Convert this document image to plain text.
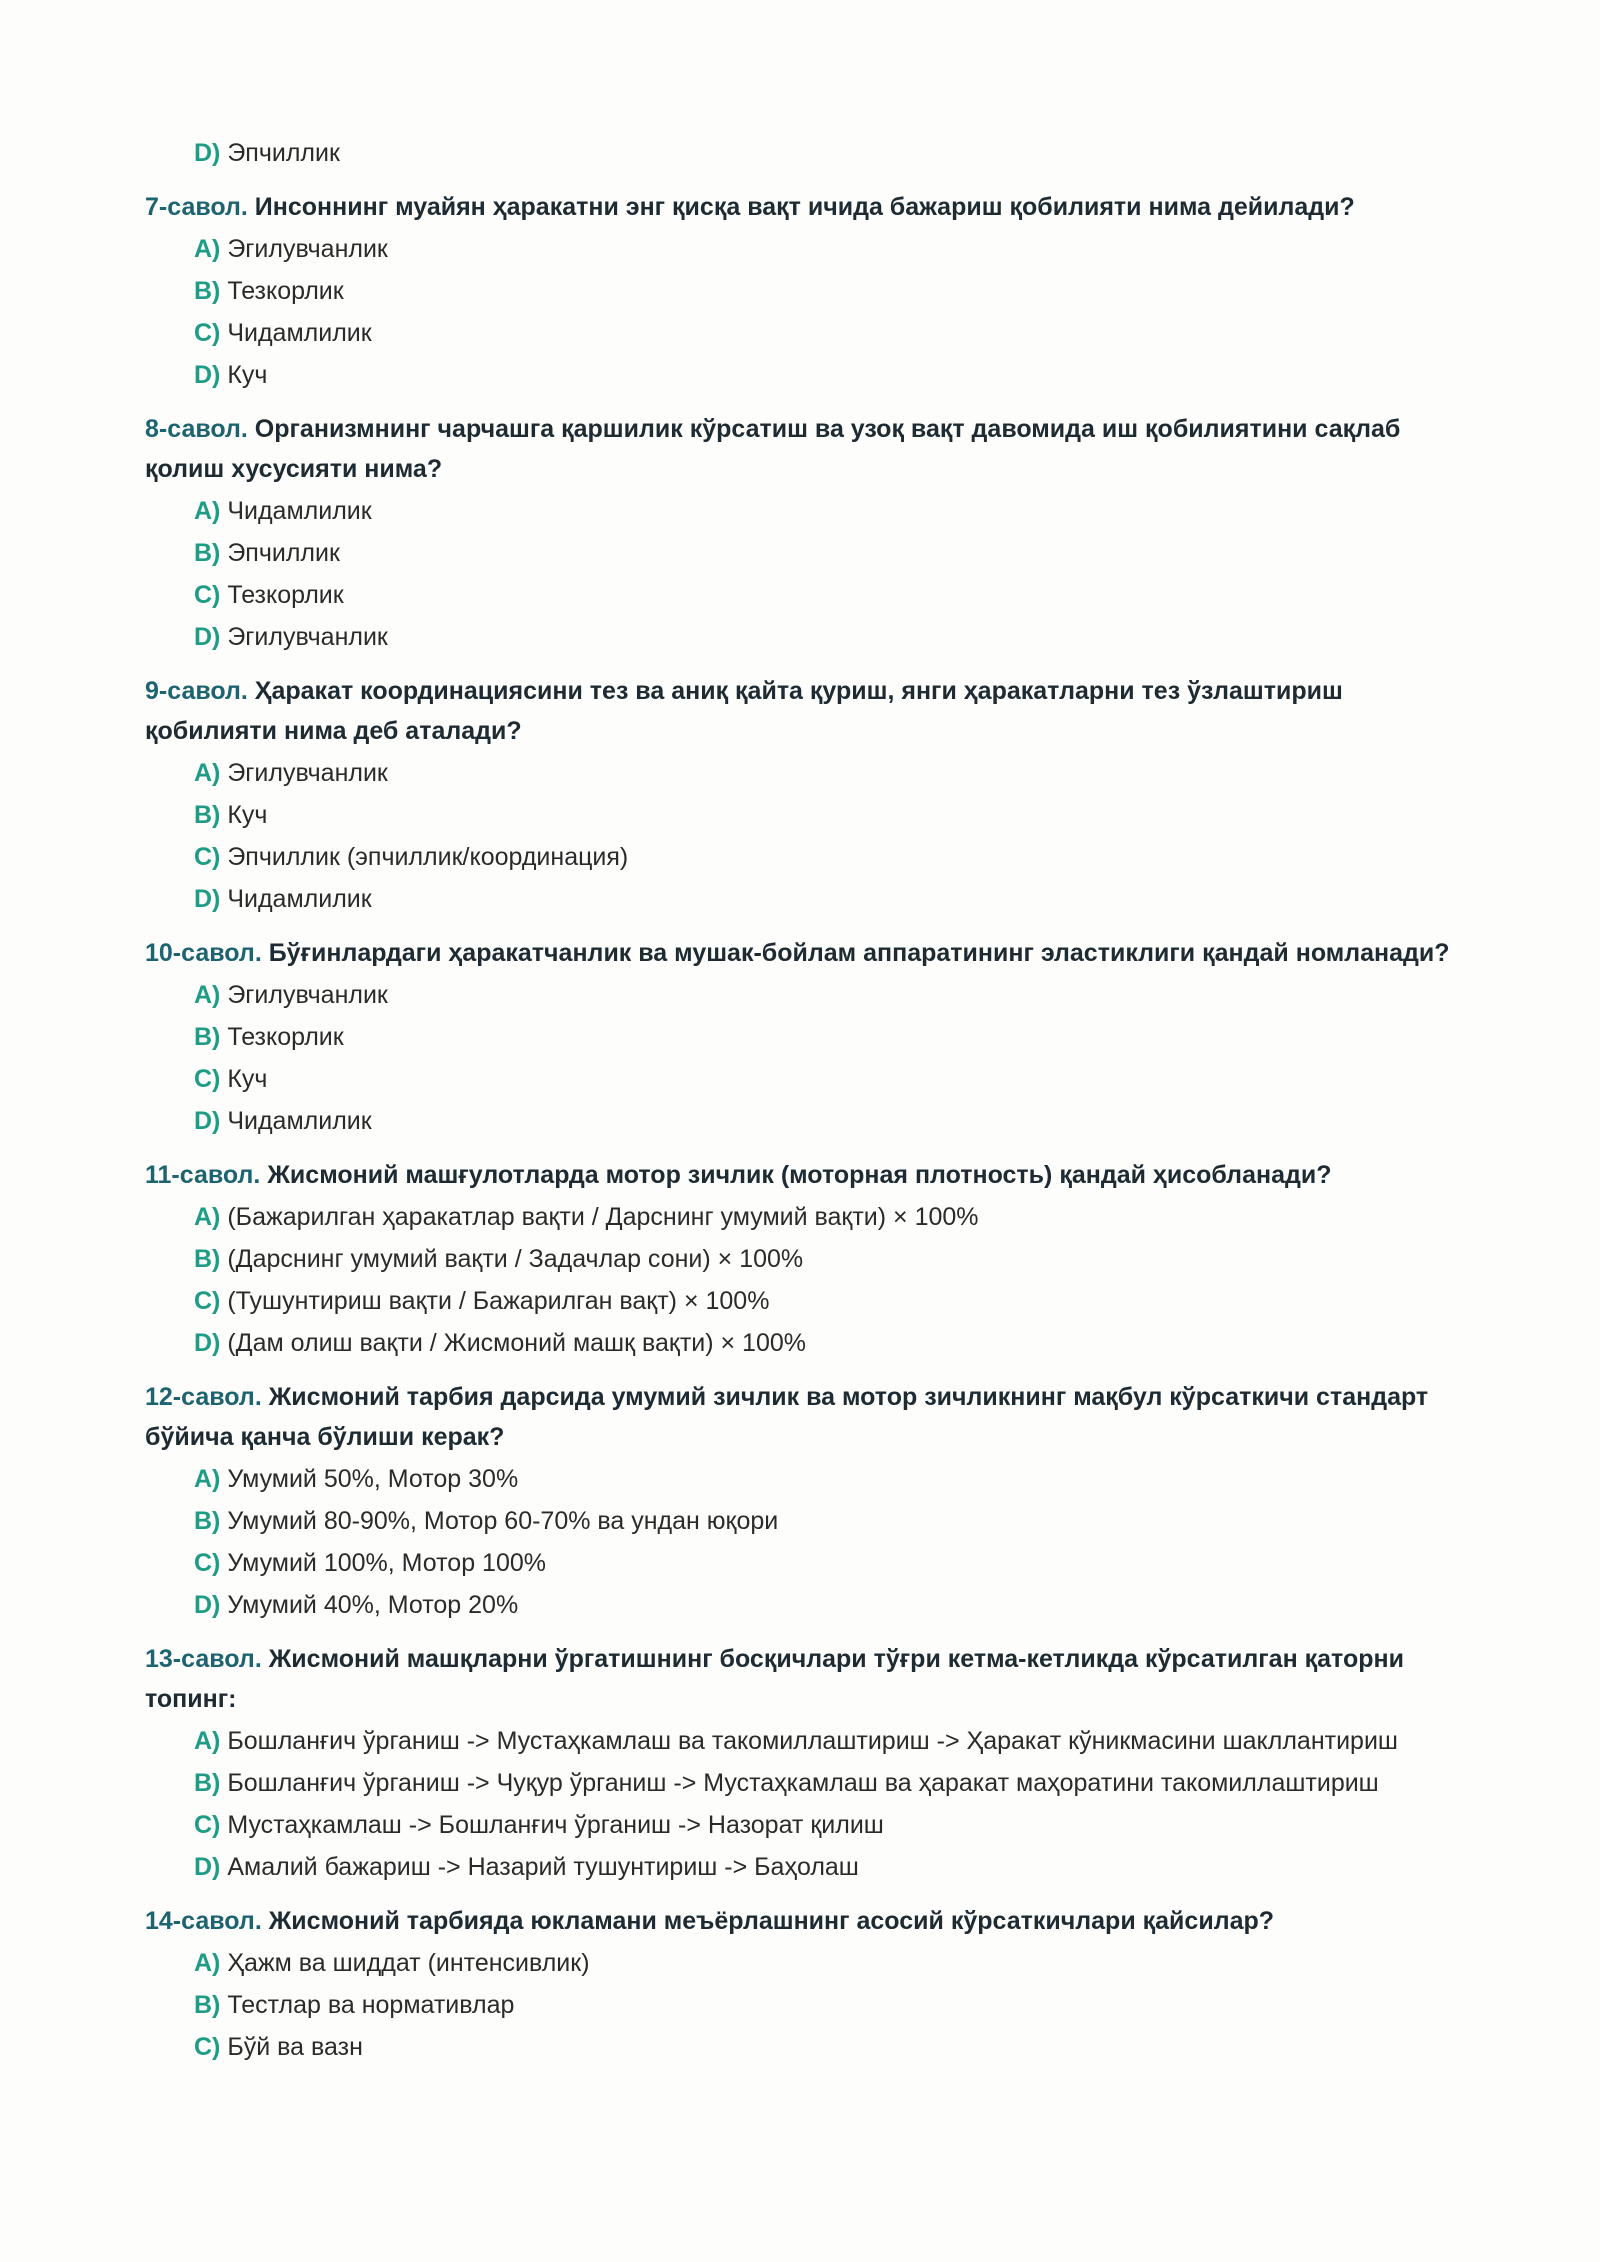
D) Эпчиллик
7-савол. Инсоннинг муайян ҳаракатни энг қисқа вақт ичида бажариш қобилияти нима дейилади?
A) Эгилувчанлик
B) Тезкорлик
C) Чидамлилик
D) Куч
8-савол. Организмнинг чарчашга қаршилик кўрсатиш ва узоқ вақт давомида иш қобилиятини сақлаб қолиш хусусияти нима?
A) Чидамлилик
B) Эпчиллик
C) Тезкорлик
D) Эгилувчанлик
9-савол. Ҳаракат координациясини тез ва аниқ қайта қуриш, янги ҳаракатларни тез ўзлаштириш қобилияти нима деб аталади?
A) Эгилувчанлик
B) Куч
C) Эпчиллик (эпчиллик/координация)
D) Чидамлилик
10-савол. Бўғинлардаги ҳаракатчанлик ва мушак-бойлам аппаратининг эластиклиги қандай номланади?
A) Эгилувчанлик
B) Тезкорлик
C) Куч
D) Чидамлилик
11-савол. Жисмоний машғулотларда мотор зичлик (моторная плотность) қандай ҳисобланади?
A) (Бажарилган ҳаракатлар вақти / Дарснинг умумий вақти) × 100%
B) (Дарснинг умумий вақти / Задачлар сони) × 100%
C) (Тушунтириш вақти / Бажарилган вақт) × 100%
D) (Дам олиш вақти / Жисмоний машқ вақти) × 100%
12-савол. Жисмоний тарбия дарсида умумий зичлик ва мотор зичликнинг мақбул кўрсаткичи стандарт бўйича қанча бўлиши керак?
A) Умумий 50%, Мотор 30%
B) Умумий 80-90%, Мотор 60-70% ва ундан юқори
C) Умумий 100%, Мотор 100%
D) Умумий 40%, Мотор 20%
13-савол. Жисмоний машқларни ўргатишнинг босқичлари тўғри кетма-кетликда кўрсатилган қаторни топинг:
A) Бошланғич ўрганиш -> Мустаҳкамлаш ва такомиллаштириш -> Ҳаракат кўникмасини шакллантириш
B) Бошланғич ўрганиш -> Чуқур ўрганиш -> Мустаҳкамлаш ва ҳаракат маҳоратини такомиллаштириш
C) Мустаҳкамлаш -> Бошланғич ўрганиш -> Назорат қилиш
D) Амалий бажариш -> Назарий тушунтириш -> Баҳолаш
14-савол. Жисмоний тарбияда юкламани меъёрлашнинг асосий кўрсаткичлари қайсилар?
A) Ҳажм ва шиддат (интенсивлик)
B) Тестлар ва нормативлар
C) Бўй ва вазн
